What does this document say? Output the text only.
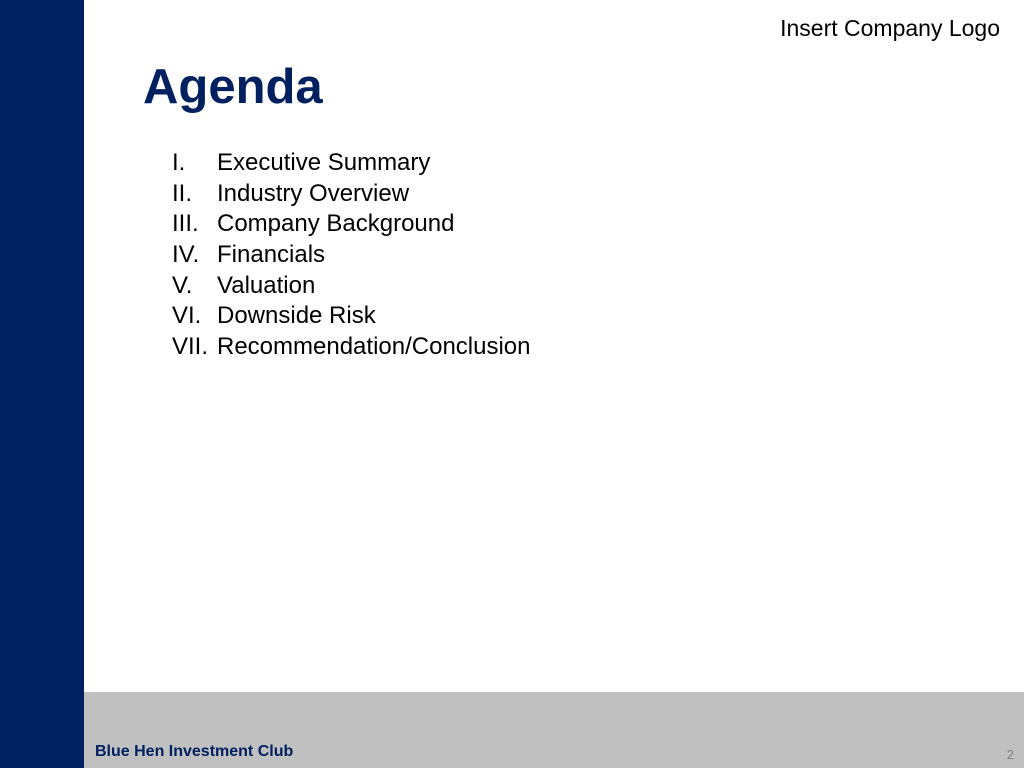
Insert Company Logo
Agenda
I.	Executive Summary
II.	Industry Overview
III. Company Background
IV. Financials
V.	Valuation
VI. Downside Risk
VII. Recommendation/Conclusion
Blue Hen Investment Club	2
